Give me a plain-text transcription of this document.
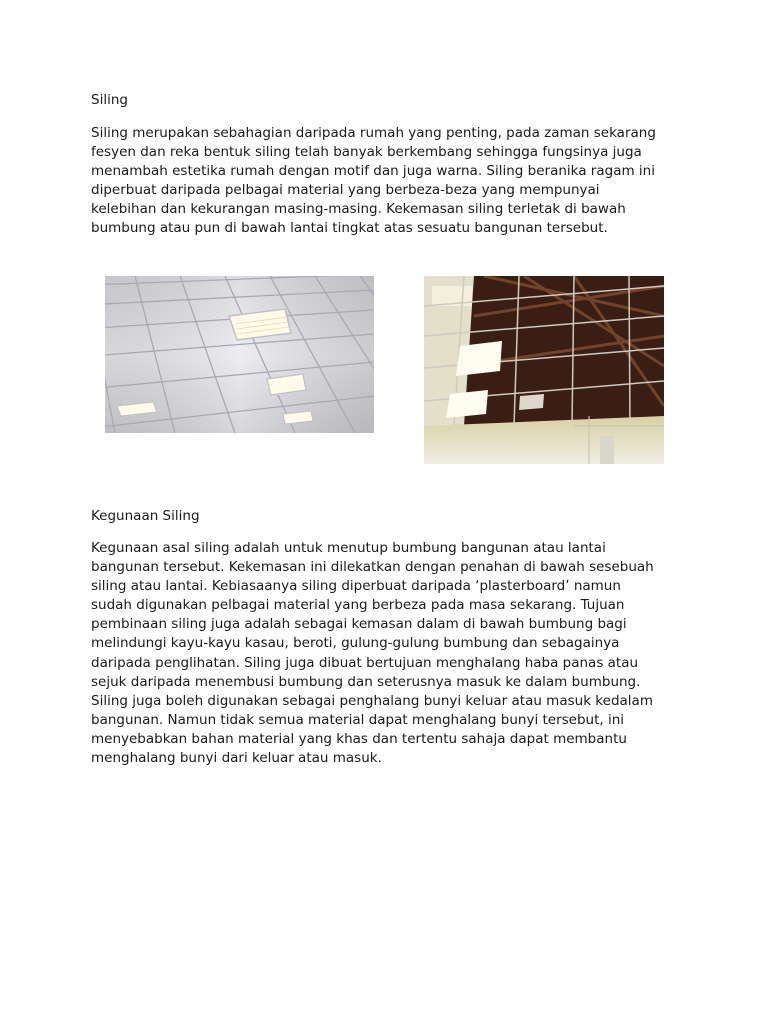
Siling

Siling merupakan sebahagian daripada rumah yang penting, pada zaman sekarang
fesyen dan reka bentuk siling telah banyak berkembang sehingga fungsinya juga
menambah estetika rumah dengan motif dan juga warna. Siling beranika ragam ini
diperbuat daripada pelbagai material yang berbeza-beza yang mempunyai
kelebihan dan kekurangan masing-masing. Kekemasan siling terletak di bawah
bumbung atau pun di bawah lantai tingkat atas sesuatu bangunan tersebut.

Kegunaan Siling

Kegunaan asal siling adalah untuk menutup bumbung bangunan atau lantai
bangunan tersebut. Kekemasan ini dilekatkan dengan penahan di bawah sesebuah
siling atau lantai. Kebiasaanya siling diperbuat daripada ‘plasterboard’ namun
sudah digunakan pelbagai material yang berbeza pada masa sekarang. Tujuan
pembinaan siling juga adalah sebagai kemasan dalam di bawah bumbung bagi
melindungi kayu-kayu kasau, beroti, gulung-gulung bumbung dan sebagainya
daripada penglihatan. Siling juga dibuat bertujuan menghalang haba panas atau
sejuk daripada menembusi bumbung dan seterusnya masuk ke dalam bumbung.
Siling juga boleh digunakan sebagai penghalang bunyi keluar atau masuk kedalam
bangunan. Namun tidak semua material dapat menghalang bunyi tersebut, ini
menyebabkan bahan material yang khas dan tertentu sahaja dapat membantu
menghalang bunyi dari keluar atau masuk.
